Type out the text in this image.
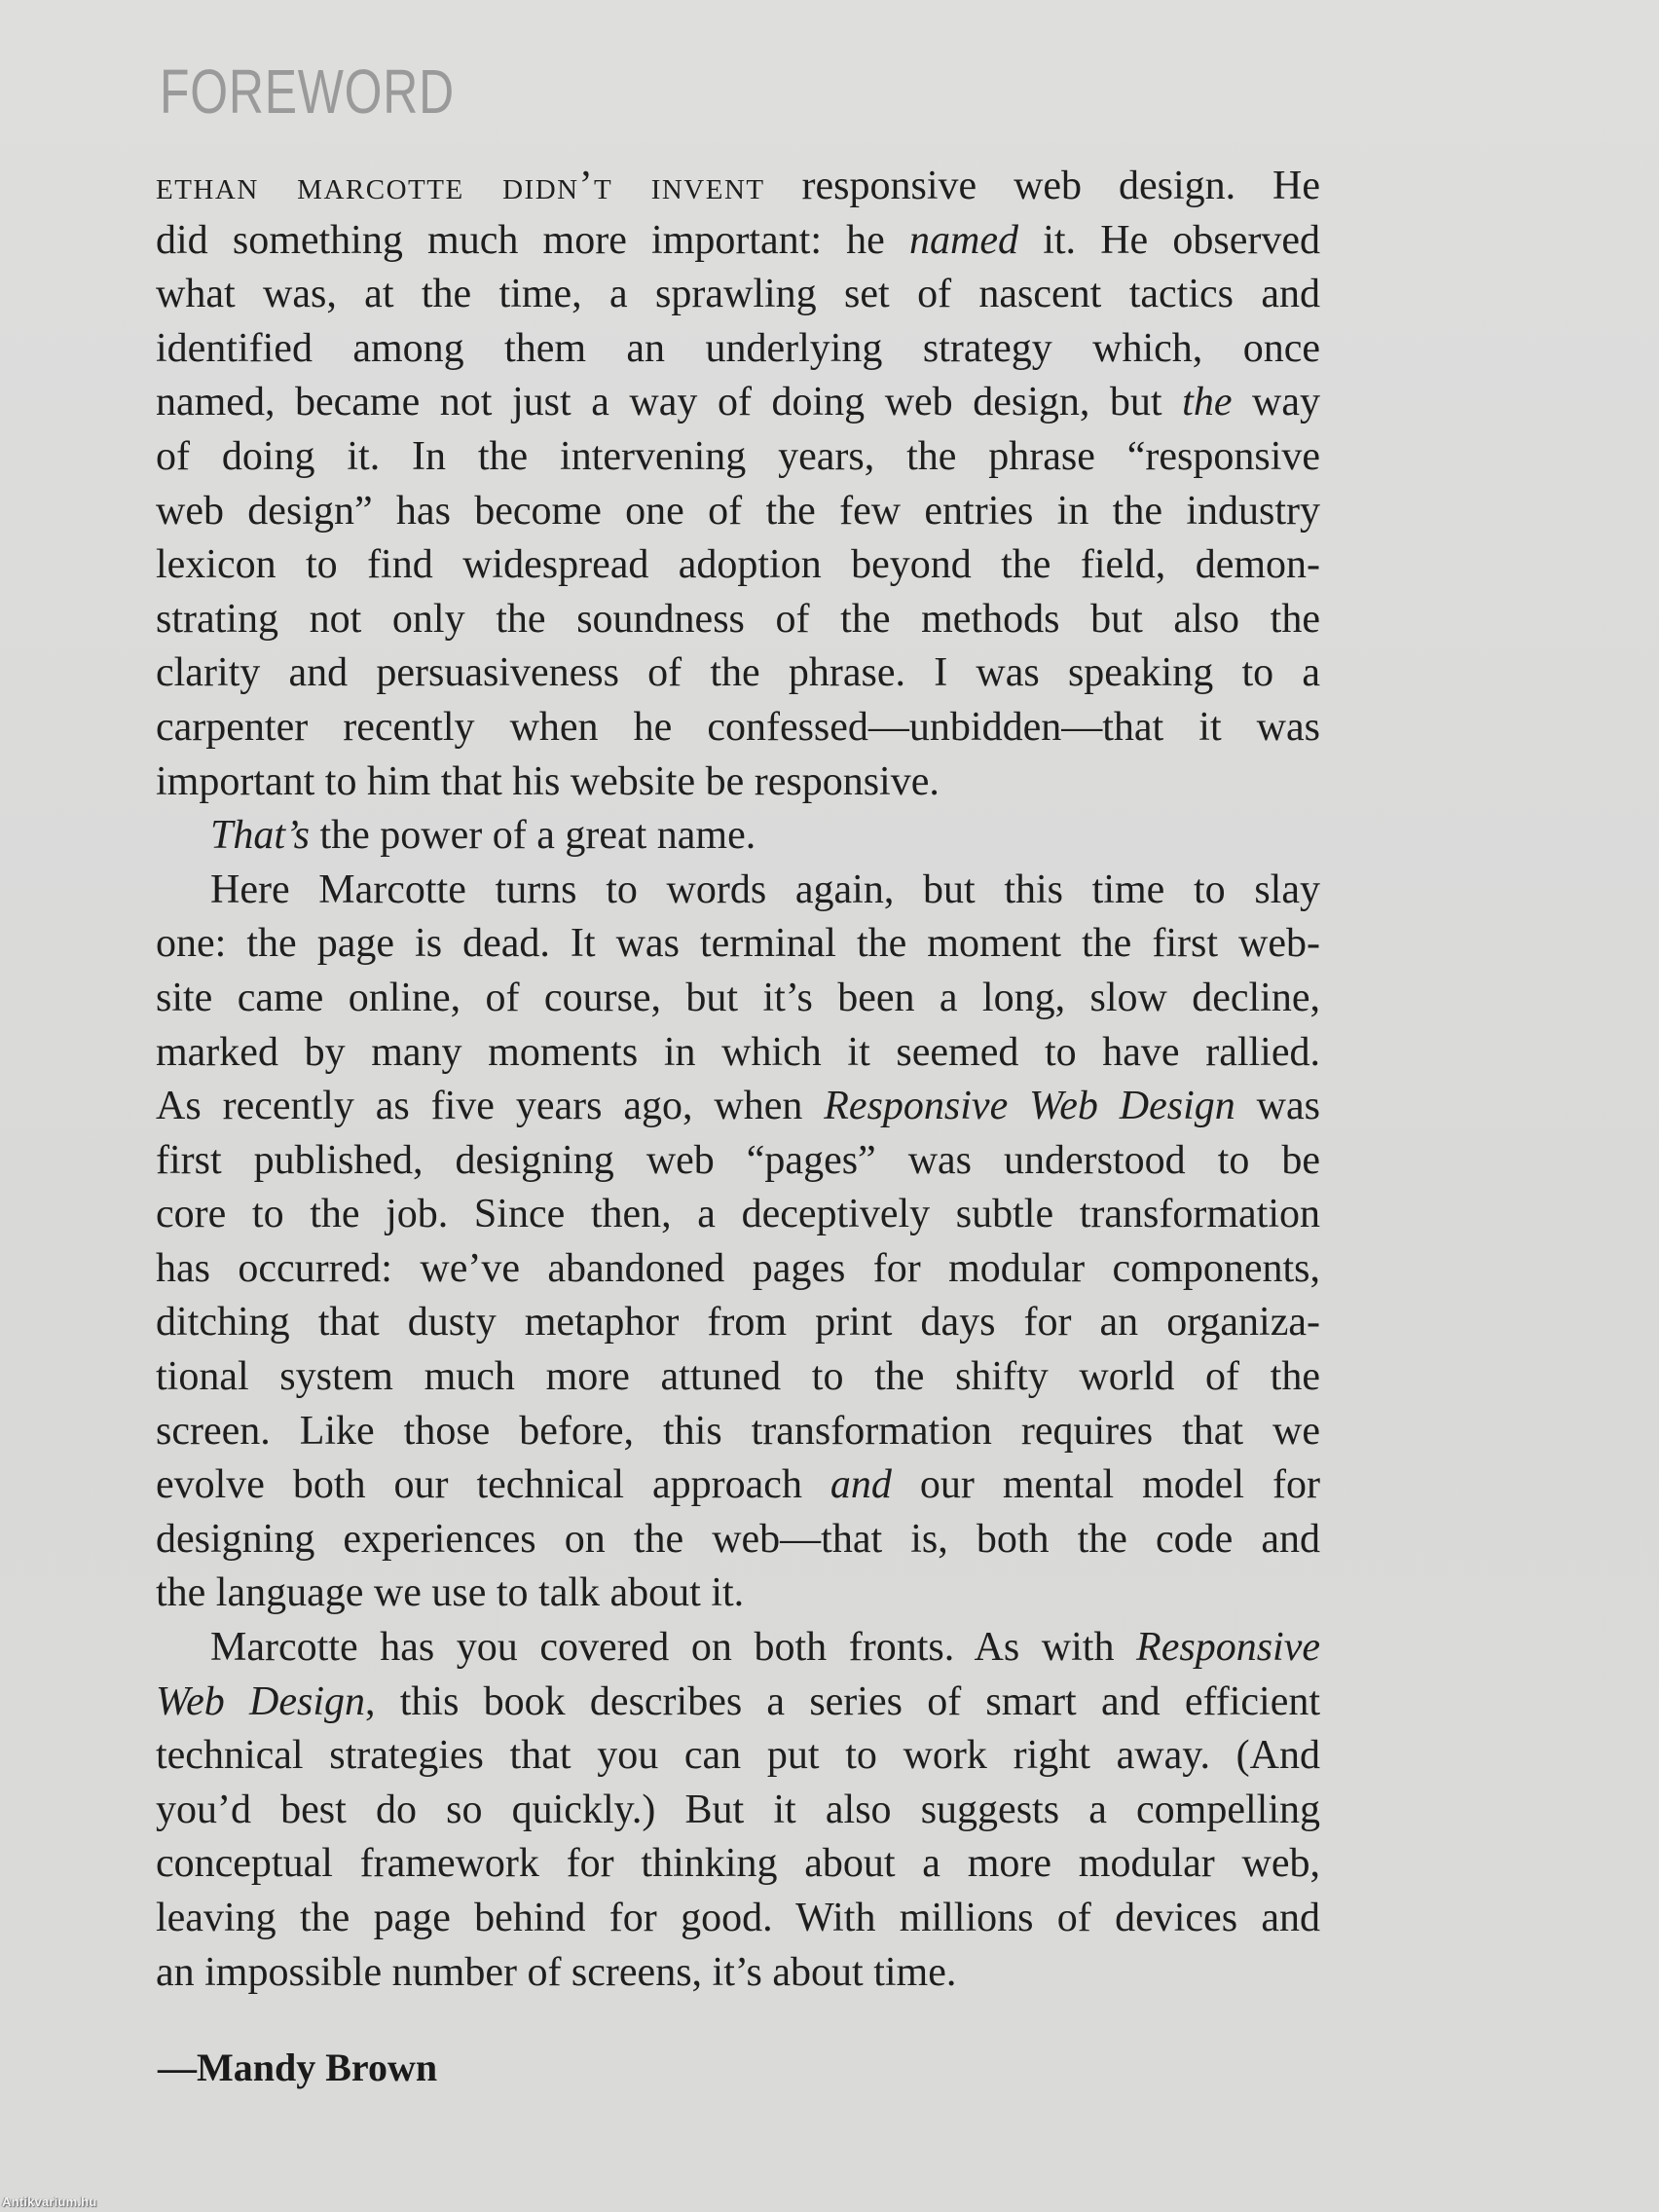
FOREWORD
ethan marcotte didn’t invent responsive web design. He
did something much more important: he named it. He observed
what was, at the time, a sprawling set of nascent tactics and
identified among them an underlying strategy which, once
named, became not just a way of doing web design, but the way
of doing it. In the intervening years, the phrase “responsive
web design” has become one of the few entries in the industry
lexicon to find widespread adoption beyond the field, demon-
strating not only the soundness of the methods but also the
clarity and persuasiveness of the phrase. I was speaking to a
carpenter recently when he confessed—unbidden—that it was
important to him that his website be responsive.
That’s the power of a great name.
Here Marcotte turns to words again, but this time to slay
one: the page is dead. It was terminal the moment the first web-
site came online, of course, but it’s been a long, slow decline,
marked by many moments in which it seemed to have rallied.
As recently as five years ago, when Responsive Web Design was
first published, designing web “pages” was understood to be
core to the job. Since then, a deceptively subtle transformation
has occurred: we’ve abandoned pages for modular components,
ditching that dusty metaphor from print days for an organiza-
tional system much more attuned to the shifty world of the
screen. Like those before, this transformation requires that we
evolve both our technical approach and our mental model for
designing experiences on the web—that is, both the code and
the language we use to talk about it.
Marcotte has you covered on both fronts. As with Responsive
Web Design, this book describes a series of smart and efficient
technical strategies that you can put to work right away. (And
you’d best do so quickly.) But it also suggests a compelling
conceptual framework for thinking about a more modular web,
leaving the page behind for good. With millions of devices and
an impossible number of screens, it’s about time.
—Mandy Brown
Antikvarium.hu
